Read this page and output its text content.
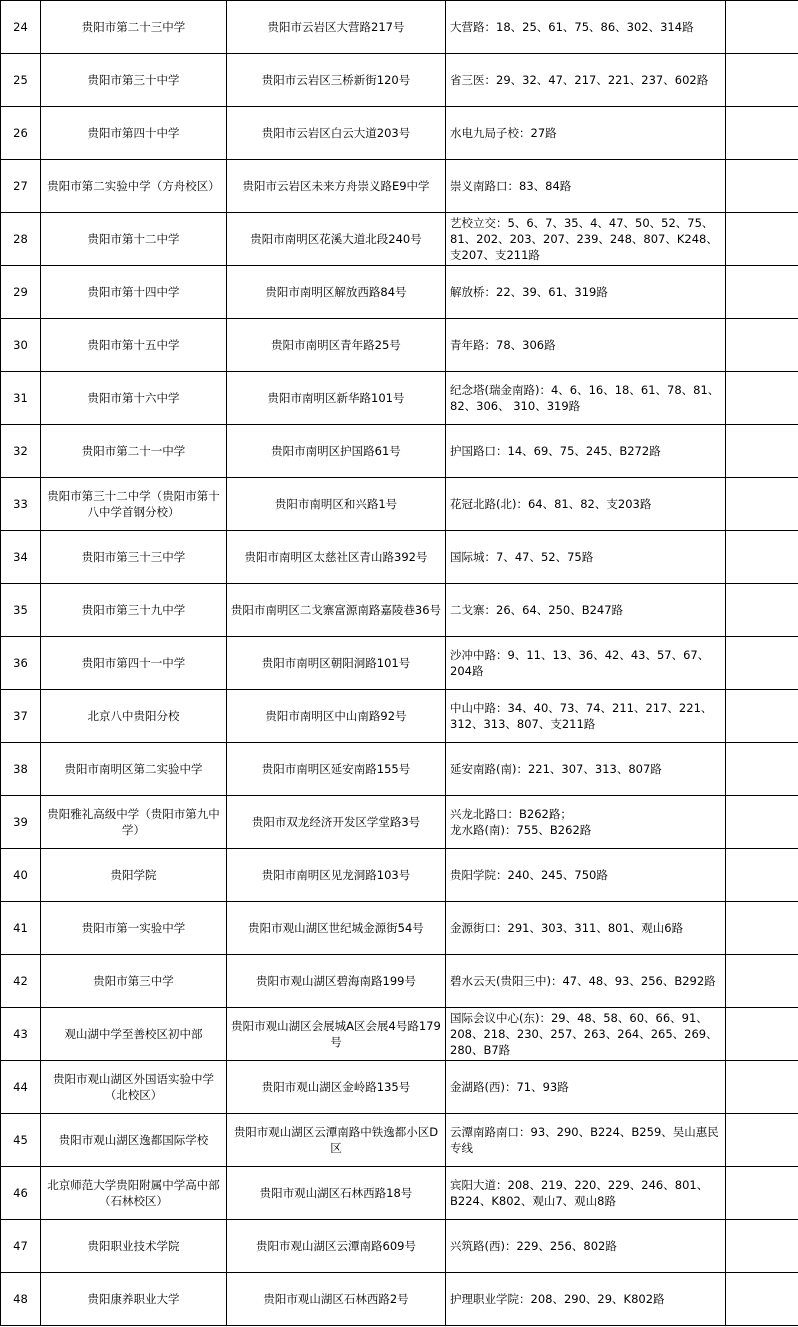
24	贵阳市第二十三中学	贵阳市云岩区大营路217号	大营路：18、25、61、75、86、302、314路	
25	贵阳市第三十中学	贵阳市云岩区三桥新街120号	省三医：29、32、47、217、221、237、602路	
26	贵阳市第四十中学	贵阳市云岩区白云大道203号	水电九局子校：27路	
27	贵阳市第二实验中学（方舟校区）	贵阳市云岩区未来方舟崇义路E9中学	崇义南路口：83、84路	
28	贵阳市第十二中学	贵阳市南明区花溪大道北段240号	艺校立交：5、6、7、35、4、47、50、52、75、81、202、203、207、239、248、807、K248、支207、支211路	
29	贵阳市第十四中学	贵阳市南明区解放西路84号	解放桥：22、39、61、319路	
30	贵阳市第十五中学	贵阳市南明区青年路25号	青年路：78、306路	
31	贵阳市第十六中学	贵阳市南明区新华路101号	纪念塔(瑞金南路)：4、6、16、18、61、78、81、82、306、 310、319路	
32	贵阳市第二十一中学	贵阳市南明区护国路61号	护国路口：14、69、75、245、B272路	
33	贵阳市第三十二中学（贵阳市第十八中学首钢分校）	贵阳市南明区和兴路1号	花冠北路(北)：64、81、82、支203路	
34	贵阳市第三十三中学	贵阳市南明区太慈社区青山路392号	国际城：7、47、52、75路	
35	贵阳市第三十九中学	贵阳市南明区二戈寨富源南路嘉陵巷36号	二戈寨：26、64、250、B247路	
36	贵阳市第四十一中学	贵阳市南明区朝阳洞路101号	沙冲中路：9、11、13、36、42、43、57、67、204路	
37	北京八中贵阳分校	贵阳市南明区中山南路92号	中山中路：34、40、73、74、211、217、221、312、313、807、支211路	
38	贵阳市南明区第二实验中学	贵阳市南明区延安南路155号	延安南路(南)：221、307、313、807路	
39	贵阳雅礼高级中学（贵阳市第九中学）	贵阳市双龙经济开发区学堂路3号	兴龙北路口：B262路；
龙水路(南)：755、B262路	
40	贵阳学院	贵阳市南明区见龙洞路103号	贵阳学院：240、245、750路	
41	贵阳市第一实验中学	贵阳市观山湖区世纪城金源街54号	金源街口：291、303、311、801、观山6路	
42	贵阳市第三中学	贵阳市观山湖区碧海南路199号	碧水云天(贵阳三中)：47、48、93、256、B292路	
43	观山湖中学至善校区初中部	贵阳市观山湖区会展城A区会展4号路179号	国际会议中心(东)：29、48、58、60、66、91、208、218、230、257、263、264、265、269、280、B7路	
44	贵阳市观山湖区外国语实验中学（北校区）	贵阳市观山湖区金岭路135号	金湖路(西)：71、93路	
45	贵阳市观山湖区逸都国际学校	贵阳市观山湖区云潭南路中铁逸都小区D区	云潭南路南口：93、290、B224、B259、吴山惠民专线	
46	北京师范大学贵阳附属中学高中部（石林校区）	贵阳市观山湖区石林西路18号	宾阳大道：208、219、220、229、246、801、B224、K802、观山7、观山8路	
47	贵阳职业技术学院	贵阳市观山湖区云潭南路609号	兴筑路(西)：229、256、802路	
48	贵阳康养职业大学	贵阳市观山湖区石林西路2号	护理职业学院：208、290、29、K802路	
